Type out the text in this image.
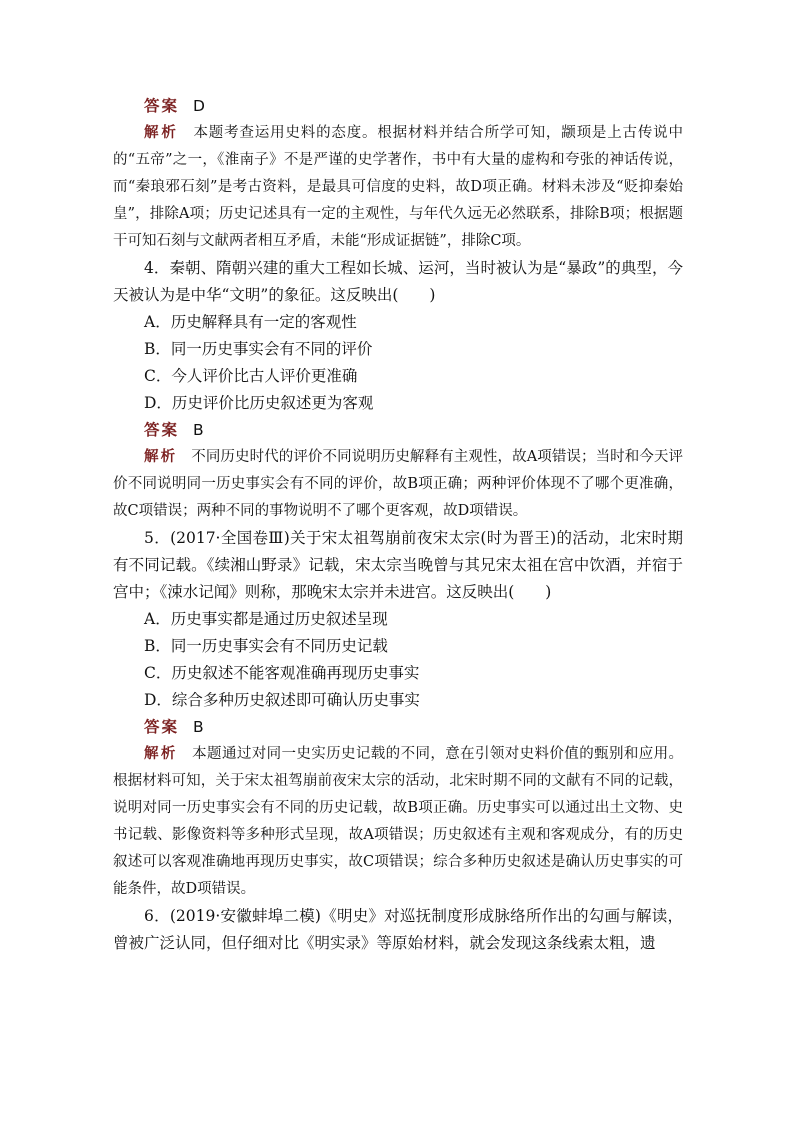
答案 D

解析 本题考查运用史料的态度。根据材料并结合所学可知，颛顼是上古传说中的“五帝”之一，《淮南子》不是严谨的史学著作，书中有大量的虚构和夸张的神话传说，而“秦琅邪石刻”是考古资料，是最具可信度的史料，故D项正确。材料未涉及“贬抑秦始皇”，排除A项；历史记述具有一定的主观性，与年代久远无必然联系，排除B项；根据题干可知石刻与文献两者相互矛盾，未能“形成证据链”，排除C项。

4．秦朝、隋朝兴建的重大工程如长城、运河，当时被认为是“暴政”的典型，今天被认为是中华“文明”的象征。这反映出(　　)

A．历史解释具有一定的客观性

B．同一历史事实会有不同的评价

C．今人评价比古人评价更准确

D．历史评价比历史叙述更为客观

答案 B

解析 不同历史时代的评价不同说明历史解释有主观性，故A项错误；当时和今天评价不同说明同一历史事实会有不同的评价，故B项正确；两种评价体现不了哪个更准确，故C项错误；两种不同的事物说明不了哪个更客观，故D项错误。

5．(2017·全国卷Ⅲ)关于宋太祖驾崩前夜宋太宗(时为晋王)的活动，北宋时期有不同记载。《续湘山野录》记载，宋太宗当晚曾与其兄宋太祖在宫中饮酒，并宿于宫中；《涑水记闻》则称，那晚宋太宗并未进宫。这反映出(　　)

A．历史事实都是通过历史叙述呈现

B．同一历史事实会有不同历史记载

C．历史叙述不能客观准确再现历史事实

D．综合多种历史叙述即可确认历史事实

答案 B

解析 本题通过对同一史实历史记载的不同，意在引领对史料价值的甄别和应用。根据材料可知，关于宋太祖驾崩前夜宋太宗的活动，北宋时期不同的文献有不同的记载，说明对同一历史事实会有不同的历史记载，故B项正确。历史事实可以通过出土文物、史书记载、影像资料等多种形式呈现，故A项错误；历史叙述有主观和客观成分，有的历史叙述可以客观准确地再现历史事实，故C项错误；综合多种历史叙述是确认历史事实的可能条件，故D项错误。

6．(2019·安徽蚌埠二模)《明史》对巡抚制度形成脉络所作出的勾画与解读，曾被广泛认同，但仔细对比《明实录》等原始材料，就会发现这条线索太粗，遗
